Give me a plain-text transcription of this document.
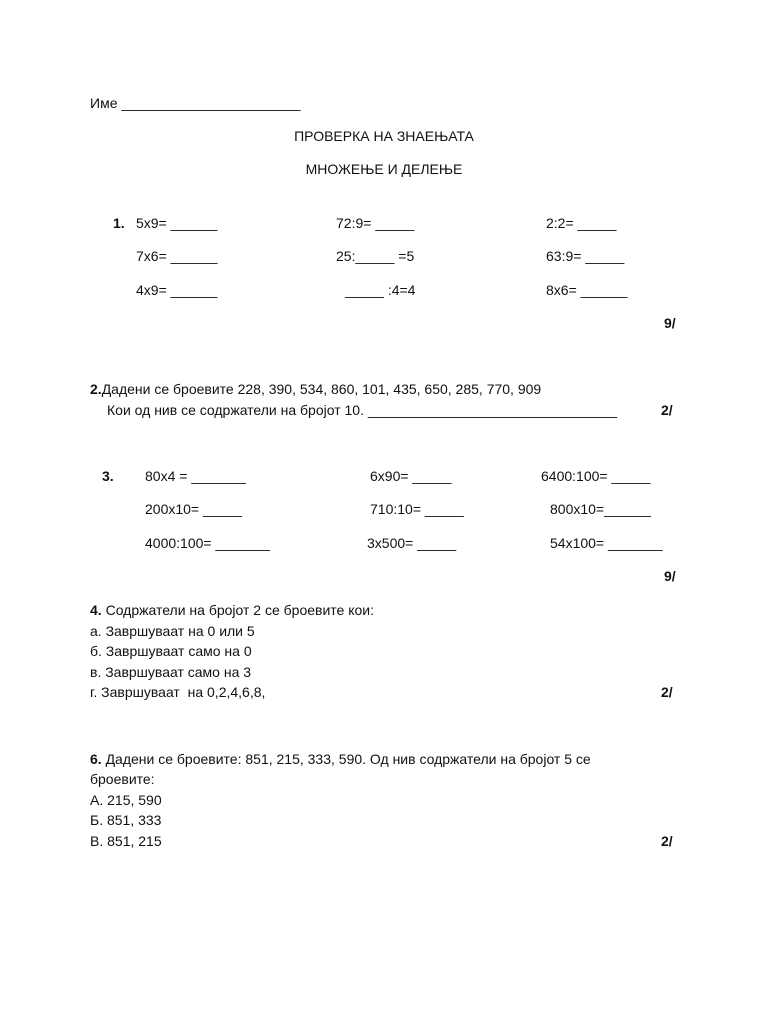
Име _______________________
ПРОВЕРКА НА ЗНАЕЊАТА
МНОЖЕЊЕ И ДЕЛЕЊЕ
1. 5x9= ______	72:9= _____	2:2= _____
7x6= ______	25:_____ =5	63:9= _____
4x9= ______	_____ :4=4	8x6= ______
9/
2.Дадени се броевите 228, 390, 534, 860, 101, 435, 650, 285, 770, 909
Кои од нив се содржатели на бројот 10. ________________________________	2/
3. 80x4 = _______	6x90= _____	6400:100= _____
200x10= _____	710:10= _____	800x10=______
4000:100= _______	3x500= _____	54x100= _______
9/
4. Содржатели на бројот 2 се броевите кои:
а. Завршуваат на 0 или 5
б. Завршуваат само на 0
в. Завршуваат само на 3
г. Завршуваат  на 0,2,4,6,8,	2/
6. Дадени се броевите: 851, 215, 333, 590. Од нив содржатели на бројот 5 се
броевите:
А. 215, 590
Б. 851, 333
В. 851, 215	2/
